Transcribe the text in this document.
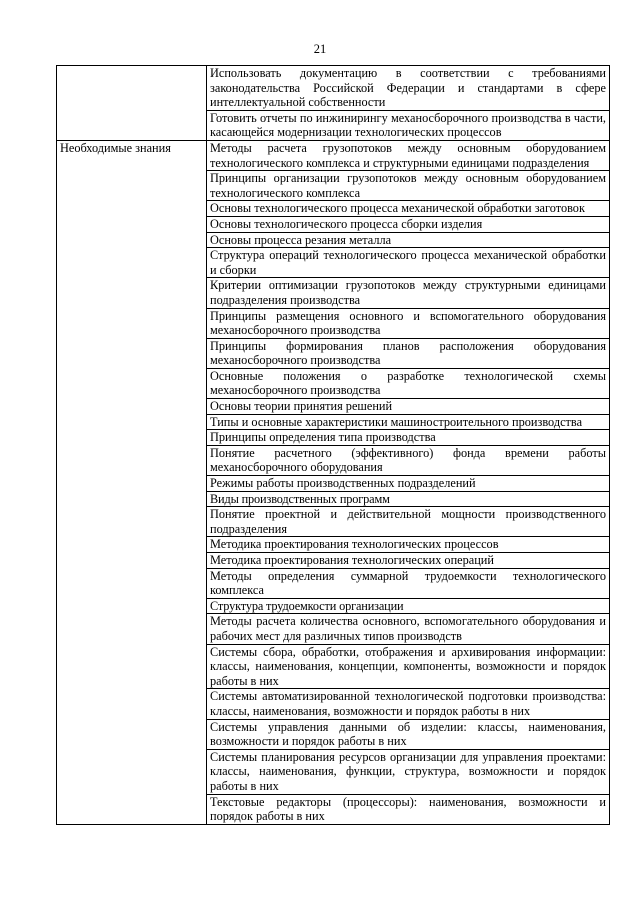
21
	Использовать документацию в соответствии с требованиями законодательства Российской Федерации и стандартами в сфере интеллектуальной собственности
	Готовить отчеты по инжинирингу механосборочного производства в части, касающейся модернизации технологических процессов
Необходимые знания	Методы расчета грузопотоков между основным оборудованием технологического комплекса и структурными единицами подразделения
	Принципы организации грузопотоков между основным оборудованием технологического комплекса
	Основы технологического процесса механической обработки заготовок
	Основы технологического процесса сборки изделия
	Основы процесса резания металла
	Структура операций технологического процесса механической обработки и сборки
	Критерии оптимизации грузопотоков между структурными единицами подразделения производства
	Принципы размещения основного и вспомогательного оборудования механосборочного производства
	Принципы формирования планов расположения оборудования механосборочного производства
	Основные положения о разработке технологической схемы механосборочного производства
	Основы теории принятия решений
	Типы и основные характеристики машиностроительного производства
	Принципы определения типа производства
	Понятие расчетного (эффективного) фонда времени работы механосборочного оборудования
	Режимы работы производственных подразделений
	Виды производственных программ
	Понятие проектной и действительной мощности производственного подразделения
	Методика проектирования технологических процессов
	Методика проектирования технологических операций
	Методы определения суммарной трудоемкости технологического комплекса
	Структура трудоемкости организации
	Методы расчета количества основного, вспомогательного оборудования и рабочих мест для различных типов производств
	Системы сбора, обработки, отображения и архивирования информации: классы, наименования, концепции, компоненты, возможности и порядок работы в них
	Системы автоматизированной технологической подготовки производства: классы, наименования, возможности и порядок работы в них
	Системы управления данными об изделии: классы, наименования, возможности и порядок работы в них
	Системы планирования ресурсов организации для управления проектами: классы, наименования, функции, структура, возможности и порядок работы в них
	Текстовые редакторы (процессоры): наименования, возможности и порядок работы в них
